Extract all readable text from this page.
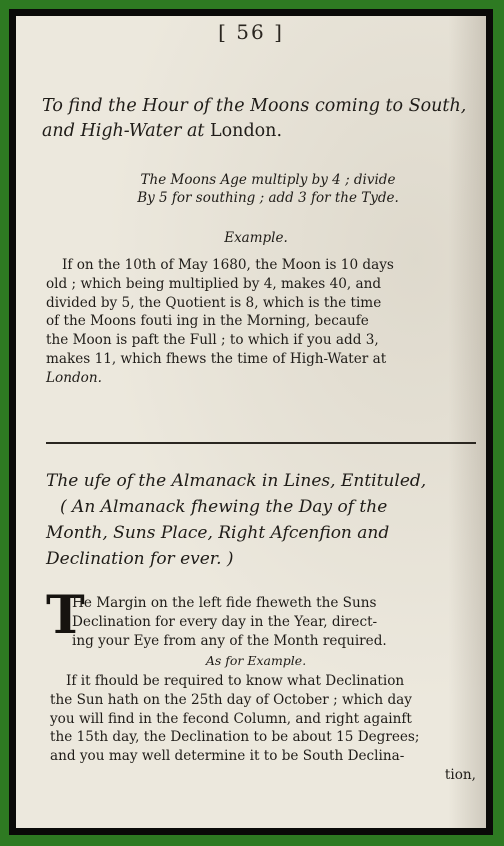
[ 56 ]
To find the Hour of the Moons coming to South,
and High-Water at London.
The Moons Age multiply by 4 ; divide
By 5 for southing ; add 3 for the Tyde.
Example.
If on the 10th of May 1680, the Moon is 10 days
old ; which being multiplied by 4, makes 40, and
divided by 5, the Quotient is 8, which is the time
of the Moons fouti ing in the Morning, becaufe
the Moon is paft the Full ; to which if you add 3,
makes 11, which fhews the time of High-Water at
London.
The ufe of the Almanack in Lines, Entituled,
( An Almanack fhewing the Day of the
Month, Suns Place, Right Afcenfion and
Declination for ever. )
T
He Margin on the left fide fheweth the Suns
Declination for every day in the Year, direct-
ing your Eye from any of the Month required.
As for Example.
If it fhould be required to know what Declination
the Sun hath on the 25th day of October ; which day
you will find in the fecond Column, and right againft
the 15th day, the Declination to be about 15 Degrees;
and you may well determine it to be South Declina-
tion,
